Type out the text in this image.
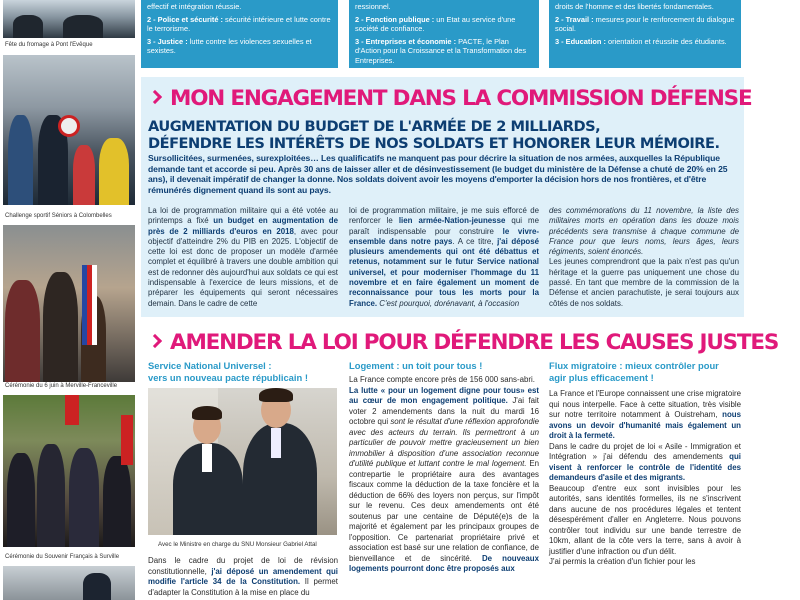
Fête du fromage à Pont l'Evêque
Challenge sportif Séniors à Colombelles
Cérémonie du 6 juin à Merville-Franceville
Cérémonie du Souvenir Français à Surville
effectif et intégration réussie.
2 - Police et sécurité : sécurité intérieure et lutte contre le terrorisme.
3 - Justice : lutte contre les violences sexuelles et sexistes.
ressionnel.
2 - Fonction publique : un Etat au service d'une société de confiance.
3 - Entreprises et économie : PACTE, le Plan d'Action pour la Croissance et la Transformation des Entreprises.
droits de l'homme et des libertés fondamentales.
2 - Travail : mesures pour le renforcement du dialogue social.
3 - Education : orientation et réussite des étudiants.
MON ENGAGEMENT DANS LA COMMISSION DÉFENSE
AUGMENTATION DU BUDGET DE L'ARMÉE DE 2 MILLIARDS,
DÉFENDRE LES INTÉRÊTS DE NOS SOLDATS ET HONORER LEUR MÉMOIRE.
Sursollicitées, surmenées, surexploitées… Les qualificatifs ne manquent pas pour décrire la situation de nos armées, auxquelles la République demande tant et accorde si peu. Après 30 ans de laisser aller et de désinvestissement (le budget du ministère de la Défense a chuté de 20% en 25 ans), il devenait impératif de changer la donne. Nos soldats doivent avoir les moyens d'emporter la décision hors de nos frontières, et d'être rémunérés dignement quand ils sont au pays.
La loi de programmation militaire qui a été votée au printemps a fixé un budget en augmentation de près de 2 milliards d'euros en 2018, avec pour objectif d'atteindre 2% du PIB en 2025. L'objectif de cette loi est donc de proposer un modèle d'armée complet et équilibré à travers une double ambition qui est de redonner dès aujourd'hui aux soldats ce qui est indispensable à l'exercice de leurs missions, et de préparer les équipements qui seront nécessaires demain. Dans le cadre de cette
loi de programmation militaire, je me suis efforcé de renforcer le lien armée-Nation-jeunesse qui me paraît indispensable pour construire le vivre-ensemble dans notre pays. A ce titre, j'ai déposé plusieurs amendements qui ont été débattus et retenus, notamment sur le futur Service national universel, et pour moderniser l'hommage du 11 novembre et en faire également un moment de reconnaissance pour tous les morts pour la France. C'est pourquoi, dorénavant, à l'occasion
des commémorations du 11 novembre, la liste des militaires morts en opération dans les douze mois précédents sera transmise à chaque commune de France pour que leurs noms, leurs âges, leurs régiments, soient énoncés.
Les jeunes comprendront que la paix n'est pas qu'un héritage et la guerre pas uniquement une chose du passé. En tant que membre de la commission de la Défense et ancien parachutiste, je serai toujours aux côtés de nos soldats.
AMENDER LA LOI POUR DÉFENDRE LES CAUSES JUSTES
Service National Universel :
vers un nouveau pacte républicain !
Avec le Ministre en charge du SNU Monsieur Gabriel Attal
Dans le cadre du projet de loi de révision constitutionnelle, j'ai déposé un amendement qui modifie l'article 34 de la Constitution. Il permet d'adapter la Constitution à la mise en place du
Logement : un toit pour tous !
La France compte encore près de 156 000 sans-abri.
La lutte « pour un logement digne pour tous» est au cœur de mon engagement politique. J'ai fait voter 2 amendements dans la nuit du mardi 16 octobre qui sont le résultat d'une réflexion approfondie avec des acteurs du terrain. Ils permettront à un particulier de pouvoir mettre gracieusement un bien immobilier à disposition d'une association reconnue d'utilité publique et luttant contre le mal logement. En contrepartie le propriétaire aura des avantages fiscaux comme la déduction de la taxe foncière et la déduction de 66% des loyers non perçus, sur l'impôt sur le revenu. Ces deux amendements ont été soutenus par une centaine de Député(e)s de la majorité et également par les principaux groupes de l'opposition. Ce partenariat propriétaire privé et association est basé sur une relation de confiance, de bienveillance et de sincérité. De nouveaux logements pourront donc être proposés aux
Flux migratoire : mieux contrôler pour
agir plus efficacement !
La France et l'Europe connaissent une crise migratoire qui nous interpelle. Face à cette situation, très visible sur notre territoire notamment à Ouistreham, nous avons un devoir d'humanité mais également un droit à la fermeté.
Dans le cadre du projet de loi « Asile - Immigration et Intégration » j'ai défendu des amendements qui visent à renforcer le contrôle de l'identité des demandeurs d'asile et des migrants.
Beaucoup d'entre eux sont invisibles pour les autorités, sans identités formelles, ils ne s'inscrivent dans aucune de nos procédures légales et tentent désespérément d'aller en Angleterre. Nous pouvons contrôler tout individu sur une bande terrestre de 10km, allant de la côte vers la terre, sans à avoir à justifier d'une infraction ou d'un délit.
J'ai permis la création d'un fichier pour les
